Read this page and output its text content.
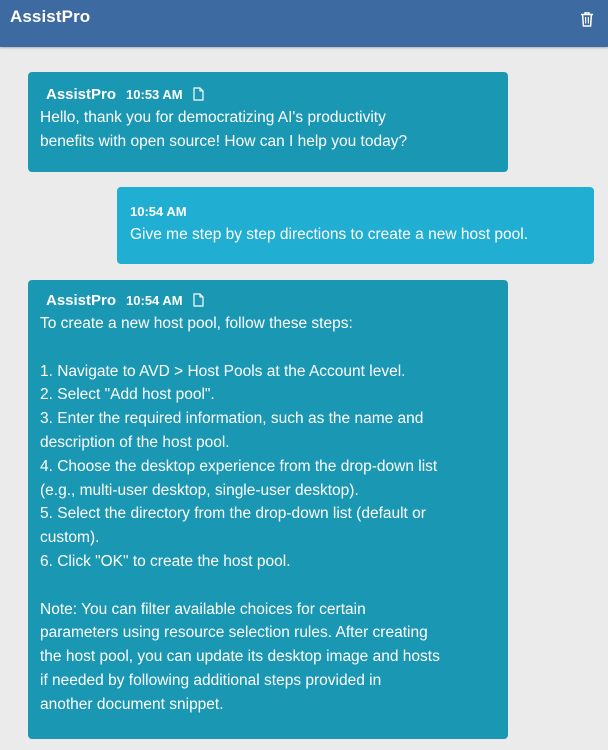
AssistPro
AssistPro 10:53 AM
Hello, thank you for democratizing AI's productivity
benefits with open source! How can I help you today?
10:54 AM
Give me step by step directions to create a new host pool.
AssistPro 10:54 AM
To create a new host pool, follow these steps:

1. Navigate to AVD > Host Pools at the Account level.
2. Select "Add host pool".
3. Enter the required information, such as the name and
description of the host pool.
4. Choose the desktop experience from the drop-down list
(e.g., multi-user desktop, single-user desktop).
5. Select the directory from the drop-down list (default or
custom).
6. Click "OK" to create the host pool.

Note: You can filter available choices for certain
parameters using resource selection rules. After creating
the host pool, you can update its desktop image and hosts
if needed by following additional steps provided in
another document snippet.
